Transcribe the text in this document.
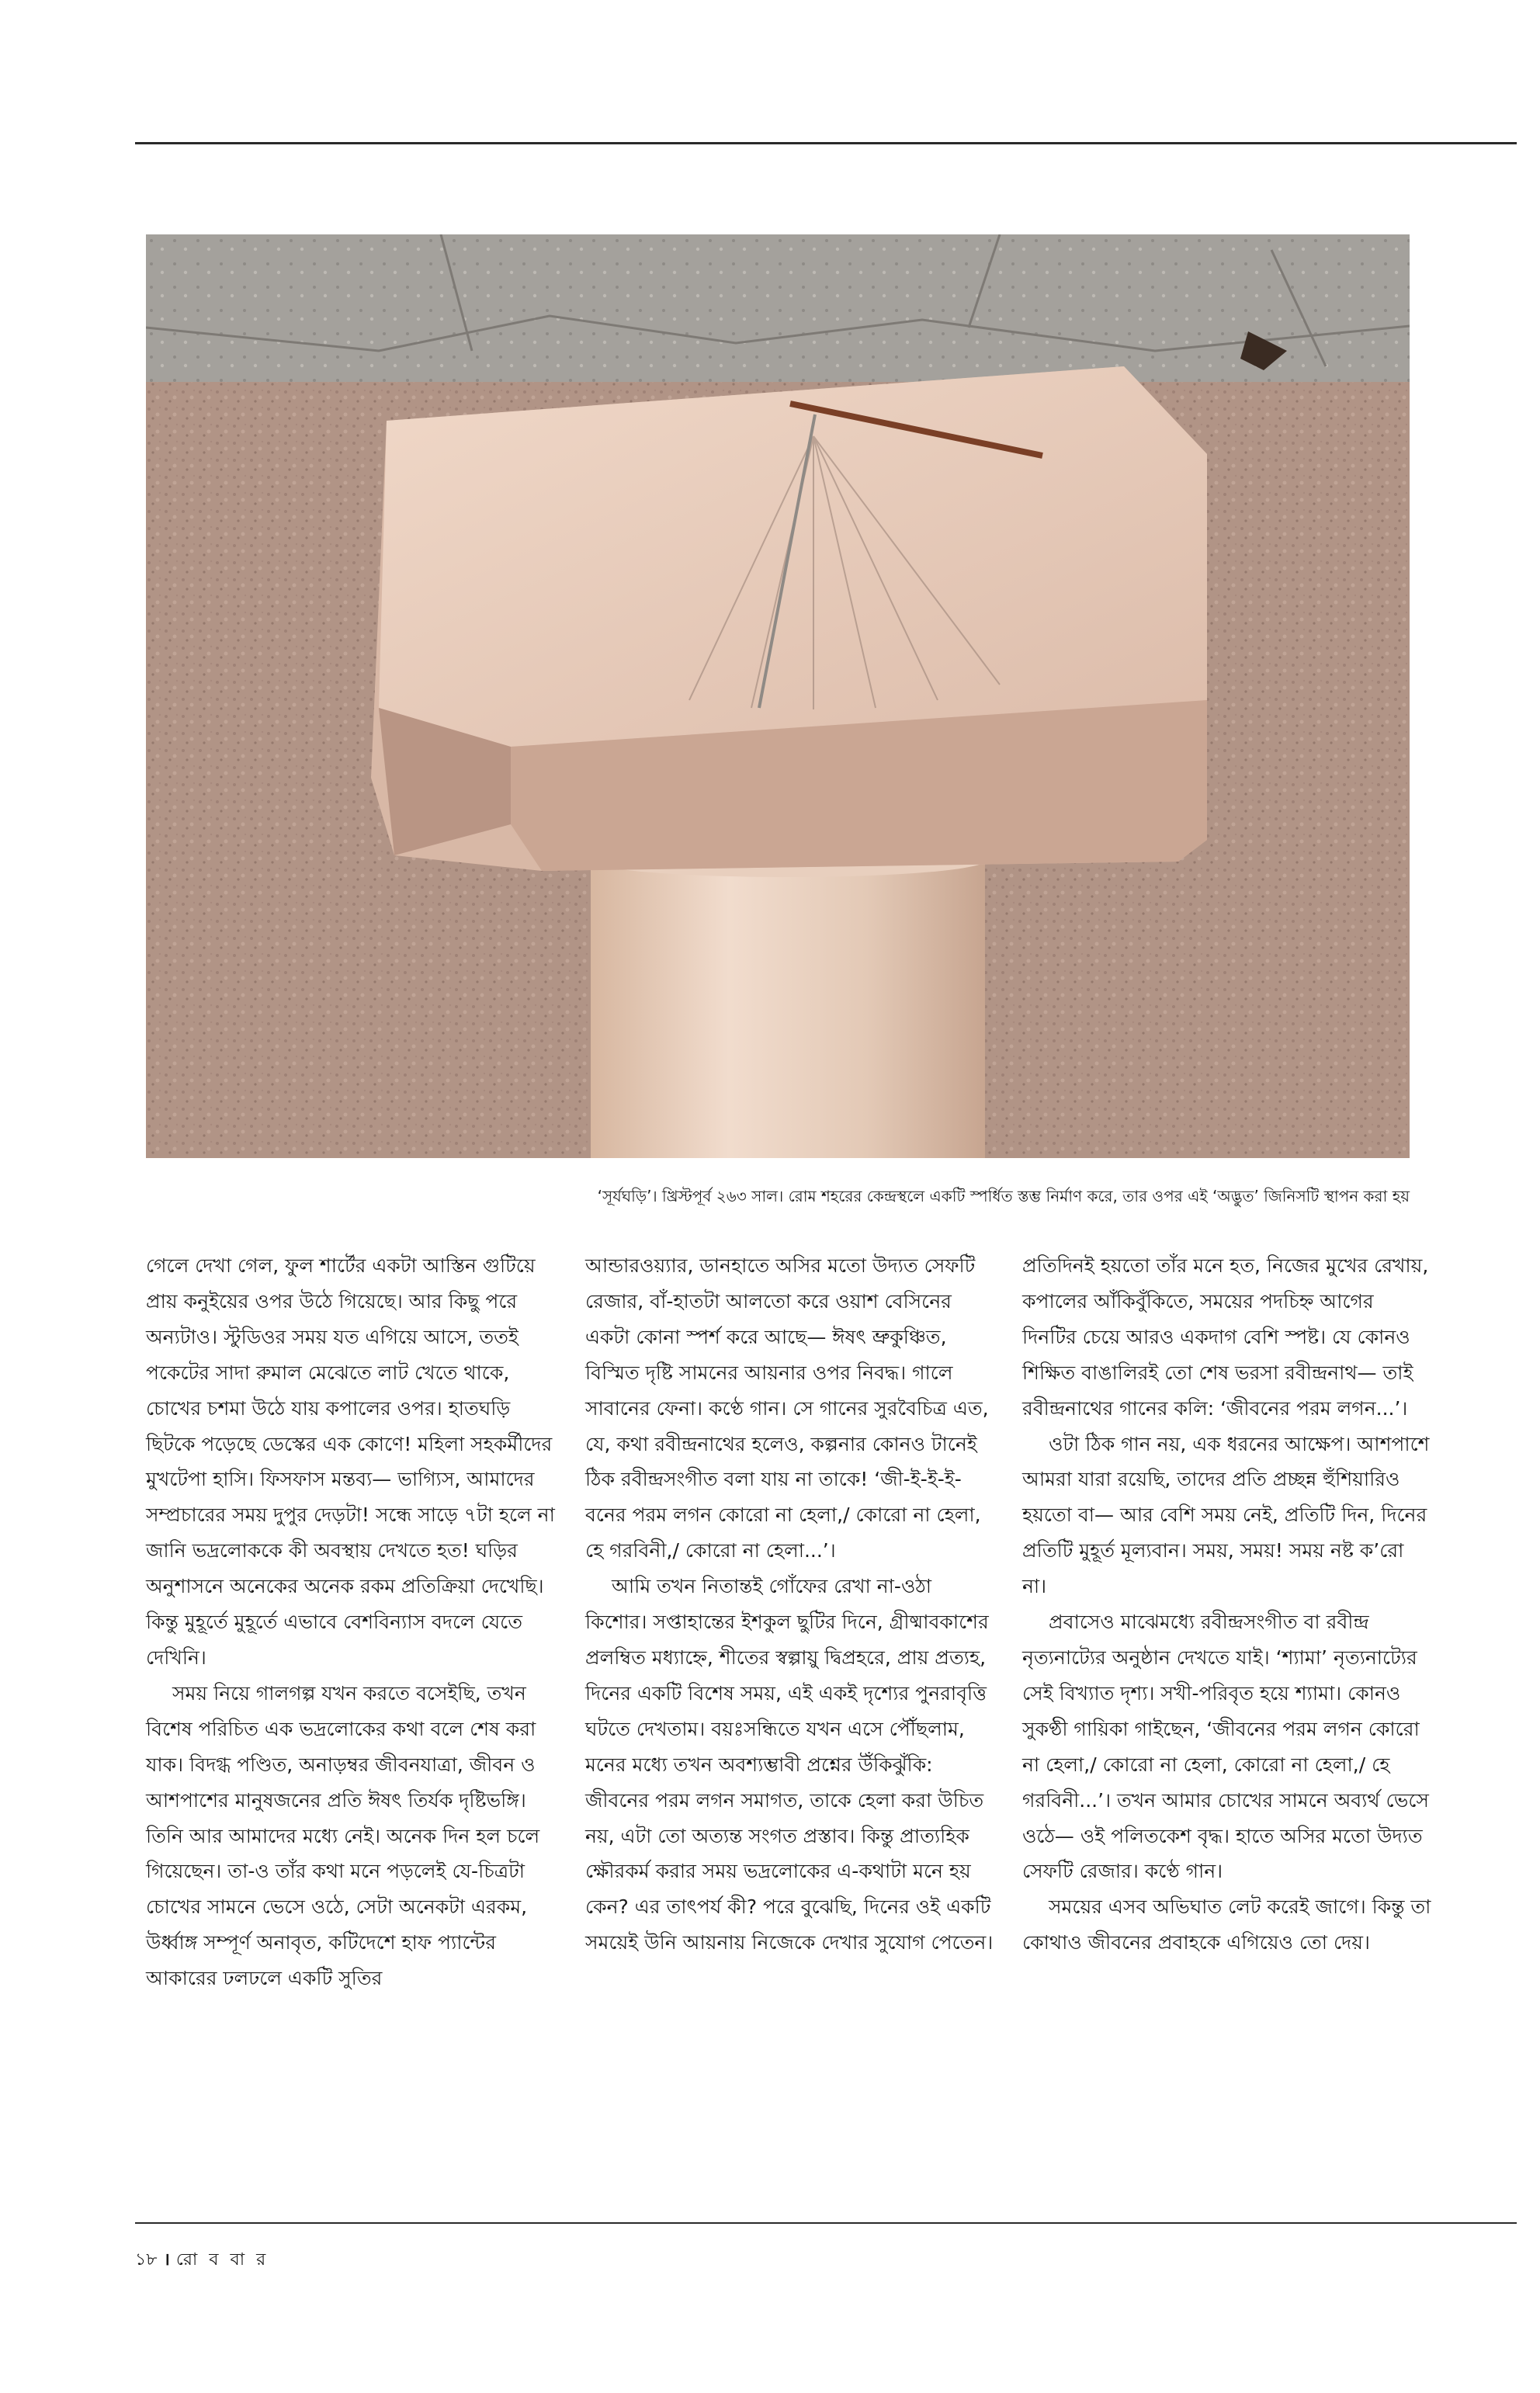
‘সূর্যঘড়ি’। খ্রিস্টপূর্ব ২৬৩ সাল। রোম শহরের কেন্দ্রস্থলে একটি স্পর্ধিত স্তম্ভ নির্মাণ করে, তার ওপর এই ‘অদ্ভুত’ জিনিসটি স্থাপন করা হয়

গেলে দেখা গেল, ফুল শার্টের একটা আস্তিন গুটিয়ে প্রায় কনুইয়ের ওপর উঠে গিয়েছে। আর কিছু পরে অন্যটাও। স্টুডিওর সময় যত এগিয়ে আসে, ততই পকেটের সাদা রুমাল মেঝেতে লাট খেতে থাকে, চোখের চশমা উঠে যায় কপালের ওপর। হাতঘড়ি ছিটকে পড়েছে ডেস্কের এক কোণে! মহিলা সহকর্মীদের মুখটেপা হাসি। ফিসফাস মন্তব্য— ভাগ্যিস, আমাদের সম্প্রচারের সময় দুপুর দেড়টা! সন্ধে সাড়ে ৭টা হলে না জানি ভদ্রলোককে কী অবস্থায় দেখতে হত! ঘড়ির অনুশাসনে অনেকের অনেক রকম প্রতিক্রিয়া দেখেছি। কিন্তু মুহূর্তে মুহূর্তে এভাবে বেশবিন্যাস বদলে যেতে দেখিনি।

সময় নিয়ে গালগল্প যখন করতে বসেইছি, তখন বিশেষ পরিচিত এক ভদ্রলোকের কথা বলে শেষ করা যাক। বিদগ্ধ পণ্ডিত, অনাড়ম্বর জীবনযাত্রা, জীবন ও আশপাশের মানুষজনের প্রতি ঈষৎ তির্যক দৃষ্টিভঙ্গি। তিনি আর আমাদের মধ্যে নেই। অনেক দিন হল চলে গিয়েছেন। তা-ও তাঁর কথা মনে পড়লেই যে-চিত্রটা চোখের সামনে ভেসে ওঠে, সেটা অনেকটা এরকম, উর্ধ্বাঙ্গ সম্পূর্ণ অনাবৃত, কটিদেশে হাফ প্যান্টের আকারের ঢলঢলে একটি সুতির

আন্ডারওয়্যার, ডানহাতে অসির মতো উদ্যত সেফটি রেজার, বাঁ-হাতটা আলতো করে ওয়াশ বেসিনের একটা কোনা স্পর্শ করে আছে— ঈষৎ ভ্রুকুঞ্চিত, বিস্মিত দৃষ্টি সামনের আয়নার ওপর নিবদ্ধ। গালে সাবানের ফেনা। কণ্ঠে গান। সে গানের সুরবৈচিত্র এত, যে, কথা রবীন্দ্রনাথের হলেও, কল্পনার কোনও টানেই ঠিক রবীন্দ্রসংগীত বলা যায় না তাকে! ‘জী-ই-ই-ই-বনের পরম লগন কোরো না হেলা,/ কোরো না হেলা, হে গরবিনী,/ কোরো না হেলা...’।

আমি তখন নিতান্তই গোঁফের রেখা না-ওঠা কিশোর। সপ্তাহান্তের ইশকুল ছুটির দিনে, গ্রীষ্মাবকাশের প্রলম্বিত মধ্যাহ্নে, শীতের স্বল্পায়ু দ্বিপ্রহরে, প্রায় প্রত্যহ, দিনের একটি বিশেষ সময়, এই একই দৃশ্যের পুনরাবৃত্তি ঘটতে দেখতাম। বয়ঃসন্ধিতে যখন এসে পৌঁছলাম, মনের মধ্যে তখন অবশ্যম্ভাবী প্রশ্নের উঁকিঝুঁকি: জীবনের পরম লগন সমাগত, তাকে হেলা করা উচিত নয়, এটা তো অত্যন্ত সংগত প্রস্তাব। কিন্তু প্রাত্যহিক ক্ষৌরকর্ম করার সময় ভদ্রলোকের এ-কথাটা মনে হয় কেন? এর তাৎপর্য কী? পরে বুঝেছি, দিনের ওই একটি সময়েই উনি আয়নায় নিজেকে দেখার সুযোগ পেতেন।

প্রতিদিনই হয়তো তাঁর মনে হত, নিজের মুখের রেখায়, কপালের আঁকিবুঁকিতে, সময়ের পদচিহ্ন আগের দিনটির চেয়ে আরও একদাগ বেশি স্পষ্ট। যে কোনও শিক্ষিত বাঙালিরই তো শেষ ভরসা রবীন্দ্রনাথ— তাই রবীন্দ্রনাথের গানের কলি: ‘জীবনের পরম লগন...’।

ওটা ঠিক গান নয়, এক ধরনের আক্ষেপ। আশপাশে আমরা যারা রয়েছি, তাদের প্রতি প্রচ্ছন্ন হুঁশিয়ারিও হয়তো বা— আর বেশি সময় নেই, প্রতিটি দিন, দিনের প্রতিটি মুহূর্ত মূল্যবান। সময়, সময়! সময় নষ্ট ক’রো না।

প্রবাসেও মাঝেমধ্যে রবীন্দ্রসংগীত বা রবীন্দ্র নৃত্যনাট্যের অনুষ্ঠান দেখতে যাই। ‘শ্যামা’ নৃত্যনাট্যের সেই বিখ্যাত দৃশ্য। সখী-পরিবৃত হয়ে শ্যামা। কোনও সুকণ্ঠী গায়িকা গাইছেন, ‘জীবনের পরম লগন কোরো না হেলা,/ কোরো না হেলা, কোরো না হেলা,/ হে গরবিনী...’। তখন আমার চোখের সামনে অব্যর্থ ভেসে ওঠে— ওই পলিতকেশ বৃদ্ধ। হাতে অসির মতো উদ্যত সেফটি রেজার। কণ্ঠে গান।

সময়ের এসব অভিঘাত লেট করেই জাগে। কিন্তু তা কোথাও জীবনের প্রবাহকে এগিয়েও তো দেয়।

১৮ । রো ব বা র
